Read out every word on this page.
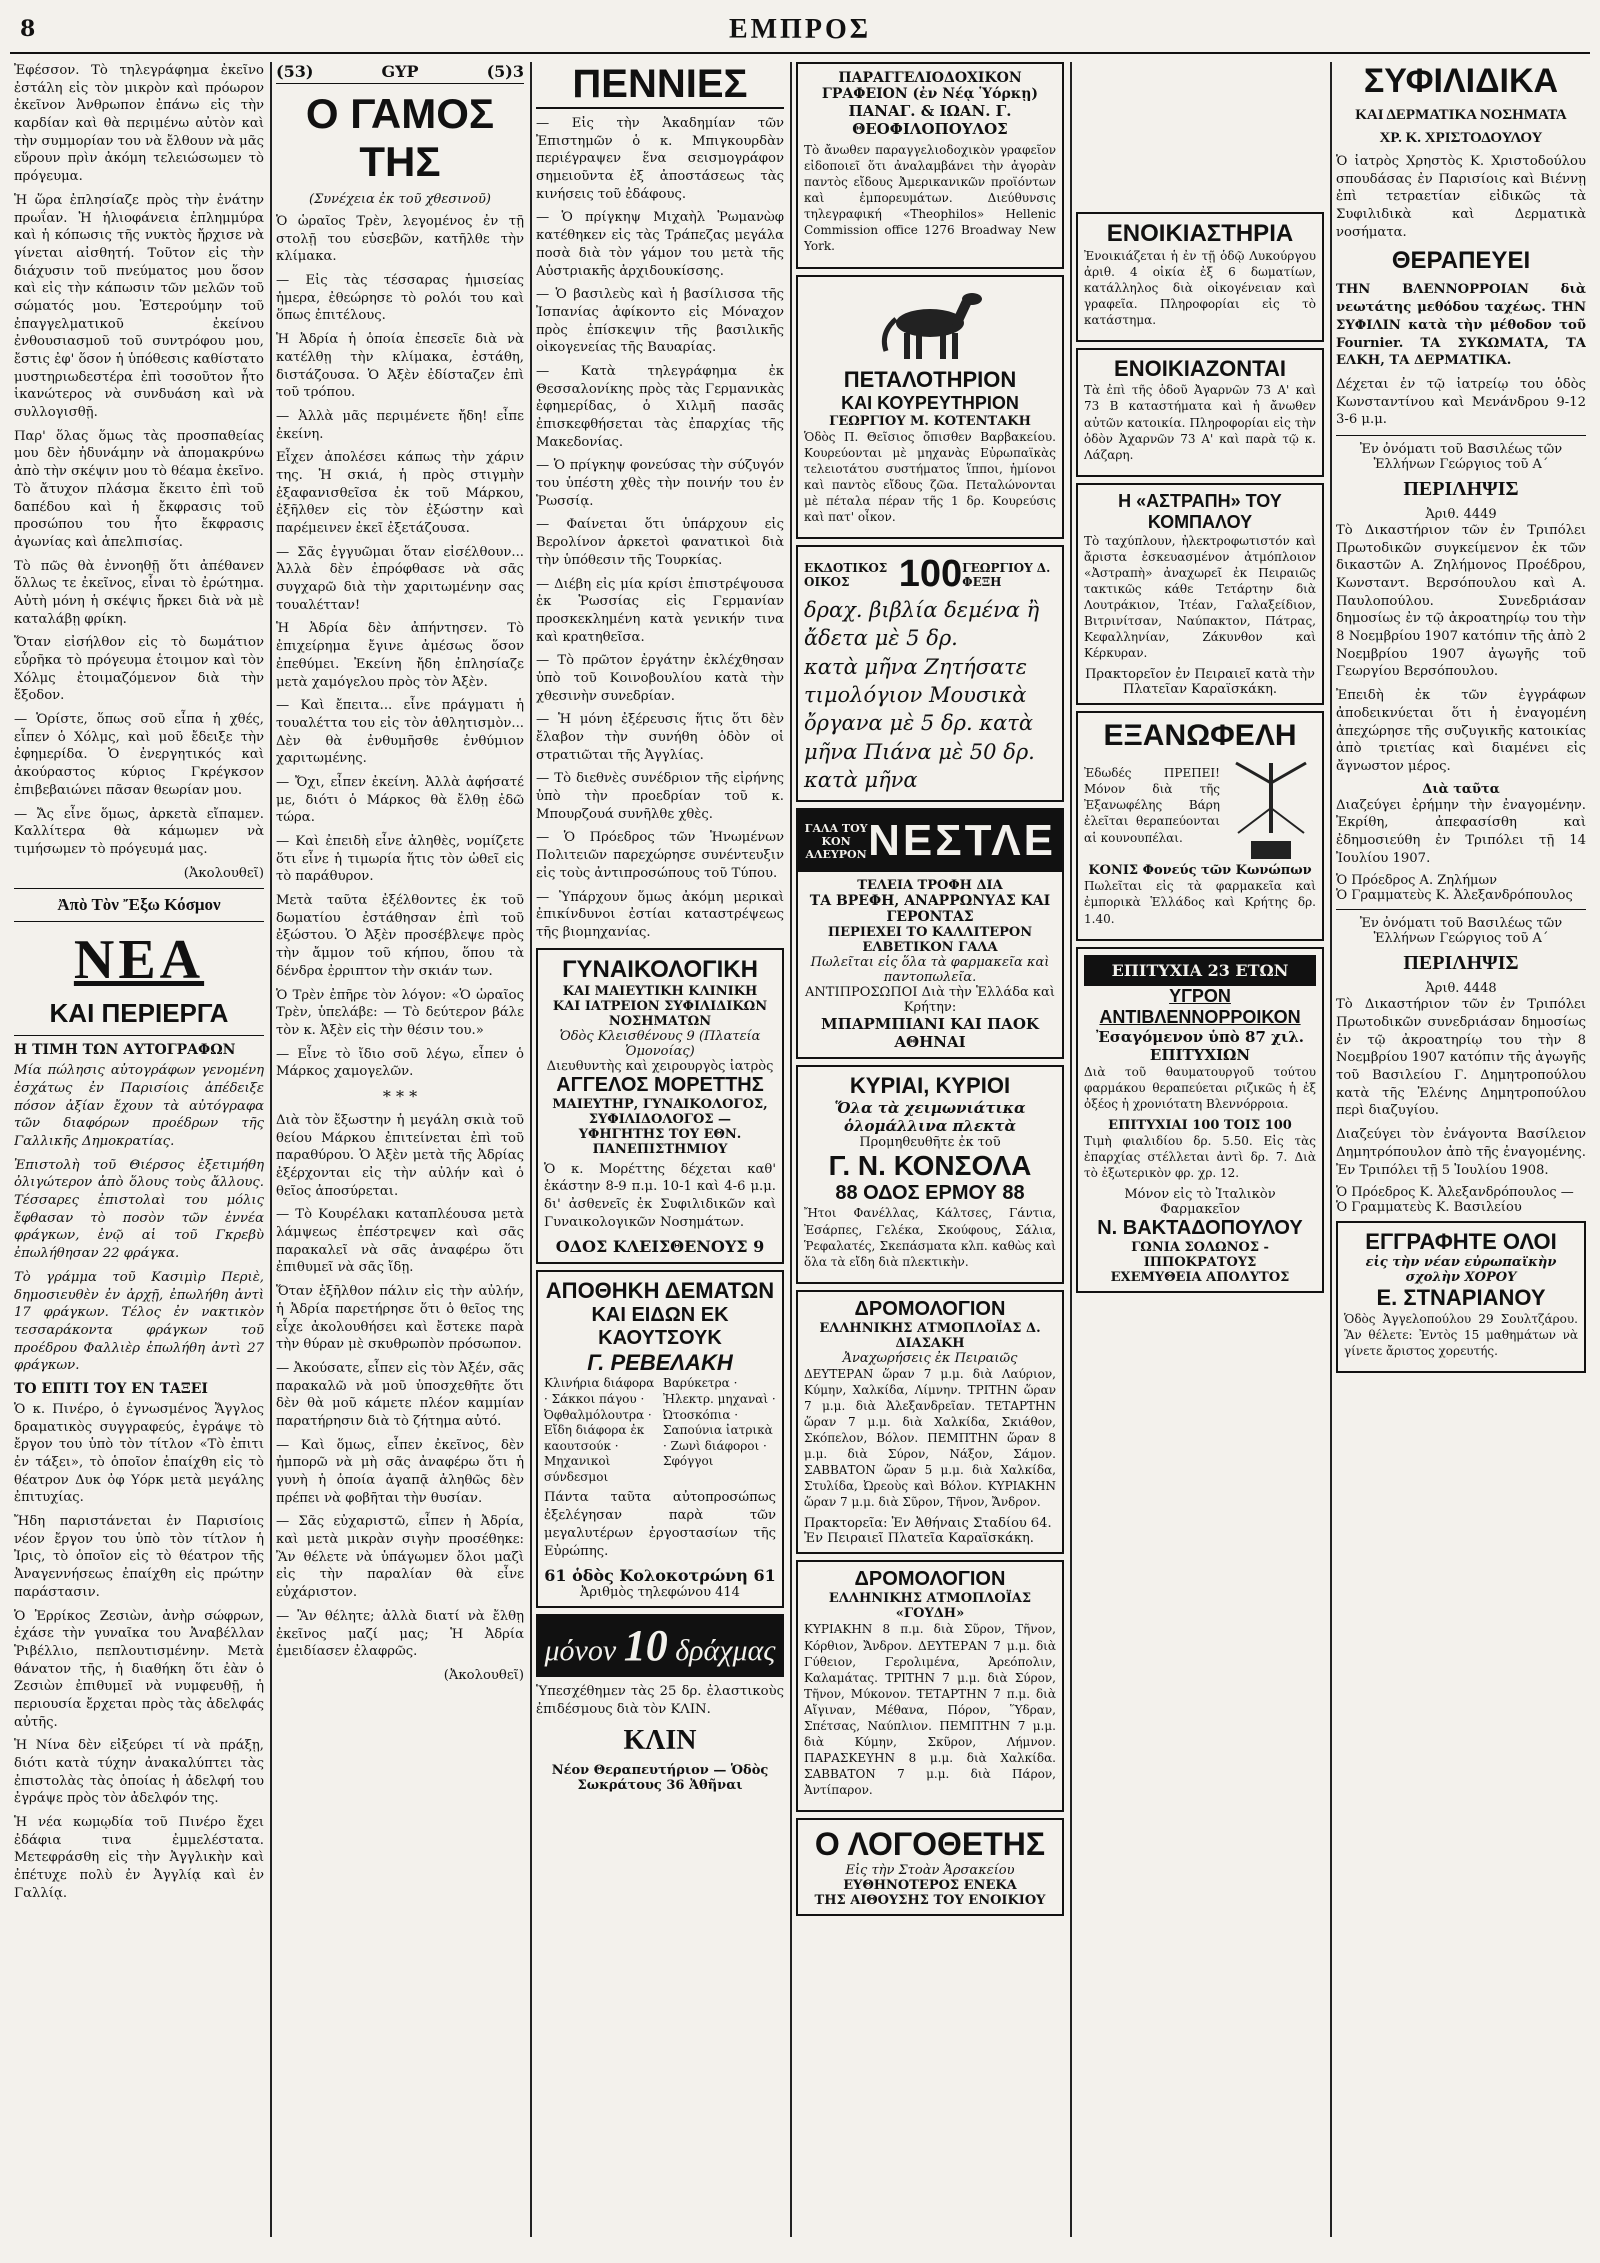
8	ΕΜΠΡΟΣ

Ἐφέσσον. Τὸ τηλεγράφημα ἐκεῖνο ἐστάλη εἰς τὸν μικρὸν καὶ πρόωρον ἐκεῖνον Ἀνθρωπον ἐπάνω εἰς τὴν καρδίαν καὶ θὰ περιμένω αὐτὸν καὶ τὴν συμμορίαν του νὰ ἔλθουν νὰ μᾶς εὕρουν πρὶν ἀκόμη τελειώσωμεν τὸ πρόγευμα.

Ἡ ὥρα ἐπλησίαζε πρὸς τὴν ἐνάτην πρωΐαν. Ἡ ἡλιοφάνεια ἐπλημμύρα καὶ ἡ κόπωσις τῆς νυκτὸς ἤρχισε νὰ γίνεται αἰσθητή. Τοῦτον εἰς τὴν διάχυσιν τοῦ πνεύματος μου ὅσον καὶ εἰς τὴν κάπωσιν τῶν μελῶν τοῦ σώματός μου. Ἐστερούμην τοῦ ἐπαγγελματικοῦ ἐκείνου ἐνθουσιασμοῦ τοῦ συντρόφου μου, ἔστις ἐφ' ὅσον ἡ ὑπόθεσις καθίστατο μυστηριωδεστέρα ἐπὶ τοσοῦτον ἦτο ἱκανώτερος νὰ συνδυάση καὶ νὰ συλλογισθῇ.

Παρ' ὅλας ὅμως τὰς προσπαθείας μου δὲν ἠδυνάμην νὰ ἀπομακρύνω ἀπὸ τὴν σκέψιν μου τὸ θέαμα ἐκεῖνο. Τὸ ἄτυχον πλάσμα ἔκειτο ἐπὶ τοῦ δαπέδου καὶ ἡ ἔκφρασις τοῦ προσώπου του ἦτο ἔκφρασις ἀγωνίας καὶ ἀπελπισίας.

Τὸ πῶς θὰ ἐννοηθῇ ὅτι ἀπέθανεν ὅλλως τε ἐκεῖνος, εἶναι τὸ ἐρώτημα. Αὐτὴ μόνη ἡ σκέψις ἤρκει διὰ νὰ μὲ καταλάβῃ φρίκη.

Ὅταν εἰσήλθον εἰς τὸ δωμάτιον εὗρῆκα τὸ πρόγευμα ἑτοιμον καὶ τὸν Χόλμς ἐτοιμαζόμενον διὰ τὴν ἔξοδον.

— Ὁρίστε, ὅπως σοῦ εἶπα ἡ χθές, εἶπεν ὁ Χόλμς, καὶ μοῦ ἔδειξε τὴν ἐφημερίδα. Ὁ ἐνεργητικός καὶ ἀκούραστος κύριος Γκρέγκσον ἐπιβεβαιώνει πᾶσαν θεωρίαν μου.

— Ἄς εἶνε ὅμως, ἀρκετὰ εἴπαμεν. Καλλίτερα θὰ κάμωμεν νὰ τιμήσωμεν τὸ πρόγευμά μας.

(Ἀκολουθεῖ)

Ἀπὸ Τὸν Ἔξω Κόσμον
ΝΕΑ
ΚΑΙ ΠΕΡΙΕΡΓΑ
Η ΤΙΜΗ ΤΩΝ ΑΥΤΟΓΡΑΦΩΝ

Μία πώλησις αὐτογράφων γενομένη ἐσχάτως ἐν Παρισίοις ἀπέδειξε πόσον ἀξίαν ἔχουν τὰ αὐτόγραφα τῶν διαφόρων προέδρων τῆς Γαλλικῆς Δημοκρατίας.

Ἐπιστολὴ τοῦ Θιέρσος ἐξετιμήθη ὀλιγώτερον ἀπὸ ὅλους τοὺς ἄλλους. Τέσσαρες ἐπιστολαὶ του μόλις ἔφθασαν τὸ ποσὸν τῶν ἐννέα φράγκων, ἐνῷ αἱ τοῦ Γκρεβὺ ἐπωλήθησαν 22 φράγκα.

Τὸ γράμμα τοῦ Κασιμὶρ Περιὲ, δημοσιευθὲν ἐν ἀρχῇ, ἐπωλήθη ἀντὶ 17 φράγκων. Τέλος ἐν νακτικὸν τεσσαράκοντα φράγκων τοῦ προέδρου Φαλλιὲρ ἐπωλήθη ἀντὶ 27 φράγκων.

ΤΟ ΕΠΙΤΙ ΤΟΥ ΕΝ ΤΑΞΕΙ

Ὁ κ. Πινέρο, ὁ ἐγνωσμένος Ἄγγλος δραματικὸς συγγραφεύς, ἐγράψε τὸ ἔργον του ὑπὸ τὸν τίτλον «Τὸ ἐπιτι ἐν τάξει», τὸ ὁποῖον ἐπαίχθη εἰς τὸ θέατρον Δυκ ὀφ Υόρκ μετὰ μεγάλης ἐπιτυχίας.

Ἤδη παριστάνεται ἐν Παρισίοις νέον ἔργον του ὑπὸ τὸν τίτλον ἡ Ἰρις, τὸ ὁποῖον εἰς τὸ θέατρον τῆς Ἀναγεννήσεως ἐπαίχθη εἰς πρώτην παράστασιν.

Ὁ Ἐρρίκος Ζεσιὼν, ἀνὴρ σώφρων, ἐχάσε τὴν γυναῖκα του Ἀναβέλλαν Ῥιβέλλιο, πεπλουτισμένην. Μετὰ θάνατον τῆς, ἡ διαθήκη ὅτι ἐὰν ὁ Ζεσιὼν ἐπιθυμεῖ νὰ νυμφευθῇ, ἡ περιουσία ἔρχεται πρὸς τὰς ἀδελφάς αὐτῆς.

Ἡ Νίνα δὲν εἰξεύρει τί νὰ πράξῃ, διότι κατὰ τύχην ἀνακαλύπτει τὰς ἐπιστολὰς τὰς ὁποίας ἡ ἀδελφή του ἐγράψε πρὸς τὸν ἀδελφόν της.

Ἡ νέα κωμῳδία τοῦ Πινέρο ἔχει ἐδάφια τινα ἐμμελέστατα. Μετεφράσθη εἰς τὴν Ἀγγλικὴν καὶ ἐπέτυχε πολὺ ἐν Ἀγγλίᾳ καὶ ἐν Γαλλίᾳ.

(53)	GYP	(5)3
Ο ΓΑΜΟΣ ΤΗΣ
(Συνέχεια ἐκ τοῦ χθεσινοῦ)

Ὁ ὡραῖος Τρὲν, λεγομένος ἐν τῇ στολῇ του εὐσεβῶν, κατῆλθε τὴν κλίμακα.

— Εἰς τὰς τέσσαρας ἡμισείας ἡμερα, ἐθεώρησε τὸ ρολόι του καὶ ὅπως ἐπιτέλους.

Ἡ Ἀδρία ἡ ὁποία ἐπεσεῖε διὰ νὰ κατέλθῃ τὴν κλίμακα, ἐστάθη, διστάζουσα. Ὁ Ἀξὲν ἐδίσταζεν ἐπὶ τοῦ τρόπου.

— Ἀλλὰ μᾶς περιμένετε ἤδη! εἶπε ἐκείνη.

Εἶχεν ἀπολέσει κάπως τὴν χάριν της. Ἡ σκιά, ἡ πρὸς στιγμὴν ἐξαφανισθεῖσα ἐκ τοῦ Μάρκου, ἐξῆλθεν εἰς τὸν ἐξώστην καὶ παρέμεινεν ἐκεῖ ἐξετάζουσα.

— Σᾶς ἐγγυῶμαι ὅταν εἰσέλθουν... Ἀλλὰ δὲν ἐπρόφθασε νὰ σᾶς συγχαρῶ διὰ τὴν χαριτωμένην σας τουαλέτταν!

Ἡ Ἀδρία δὲν ἀπήντησεν. Τὸ ἐπιχείρημα ἔγινε ἀμέσως ὅσον ἐπεθύμει. Ἐκείνη ἤδη ἐπλησίαζε μετὰ χαμόγελου πρὸς τὸν Ἀξὲν.

— Καὶ ἔπειτα... εἶνε πράγματι ἡ τουαλέττα του εἰς τὸν ἀθλητισμὸν... Δὲν θὰ ἐνθυμῆσθε ἐνθύμιον χαριτωμένης.

— Ὄχι, εἶπεν ἐκείνη. Ἀλλὰ ἀφήσατέ με, διότι ὁ Μάρκος θὰ ἔλθῃ ἐδῶ τώρα.

— Καὶ ἐπειδὴ εἶνε ἀληθὲς, νομίζετε ὅτι εἶνε ἡ τιμωρία ἥτις τὸν ὠθεῖ εἰς τὸ παράθυρον.

Μετὰ ταῦτα ἐξέλθοντες ἐκ τοῦ δωματίου ἐστάθησαν ἐπὶ τοῦ ἐξώστου. Ὁ Ἀξὲν προσέβλεψε πρὸς τὴν ἄμμον τοῦ κήπου, ὅπου τὰ δένδρα ἐρριπτον τὴν σκιάν των.

Ὁ Τρὲν ἐπῆρε τὸν λόγον: «Ὁ ὡραῖος Τρὲν, ὑπελάβε: — Τὸ δεύτερον βάλε τὸν κ. Ἀξὲν εἰς τὴν θέσιν του.»

— Εἶνε τὸ ἴδιο σοῦ λέγω, εἶπεν ὁ Μάρκος χαμογελῶν.

* * *

Διὰ τὸν ἔξωστην ἡ μεγάλη σκιὰ τοῦ θείου Μάρκου ἐπιτείνεται ἐπὶ τοῦ παραθύρου. Ὁ Ἀξὲν μετὰ τῆς Ἀδρίας ἐξέρχονται εἰς τὴν αὐλήν καὶ ὁ θεῖος ἀποσύρεται.

— Τὸ Κουρέλακι καταπλέουσα μετὰ λάμψεως ἐπέστρεψεν καὶ σᾶς παρακαλεῖ νὰ σᾶς ἀναφέρω ὅτι ἐπιθυμεῖ νὰ σᾶς ἴδῃ.

Ὅταν ἐξῆλθον πάλιν εἰς τὴν αὐλήν, ἡ Ἀδρία παρετήρησε ὅτι ὁ θεῖος της εἶχε ἀκολουθήσει καὶ ἔστεκε παρὰ τὴν θύραν μὲ σκυθρωπὸν πρόσωπον.

— Ἀκούσατε, εἶπεν εἰς τὸν Ἀξέν, σᾶς παρακαλῶ νὰ μοῦ ὑποσχεθῆτε ὅτι δὲν θὰ μοῦ κάμετε πλέον καμμίαν παρατήρησιν διὰ τὸ ζήτημα αὐτό.

— Καὶ ὅμως, εἶπεν ἐκεῖνος, δὲν ἠμπορῶ νὰ μὴ σᾶς ἀναφέρω ὅτι ἡ γυνὴ ἡ ὁποία ἀγαπᾷ ἀληθῶς δὲν πρέπει νὰ φοβῆται τὴν θυσίαν.

— Σᾶς εὐχαριστῶ, εἶπεν ἡ Ἀδρία, καὶ μετὰ μικρὰν σιγὴν προσέθηκε: Ἂν θέλετε νὰ ὑπάγωμεν ὅλοι μαζὶ εἰς τὴν παραλίαν θὰ εἶνε εὐχάριστον.

— Ἂν θέλητε; ἀλλὰ διατί νὰ ἔλθῃ ἐκεῖνος μαζί μας; Ἡ Ἀδρία ἐμειδίασεν ἐλαφρῶς.

(Ἀκολουθεῖ)

ΠΕΝΝΙΕΣ

— Εἰς τὴν Ἀκαδημίαν τῶν Ἐπιστημῶν ὁ κ. Μπιγκουρδὰν περιέγραψεν ἕνα σεισμογράφον σημειοῦντα ἐξ ἀποστάσεως τὰς κινήσεις τοῦ ἐδάφους.

— Ὁ πρίγκηψ Μιχαὴλ Ῥωμανὼφ κατέθηκεν εἰς τὰς Τράπεζας μεγάλα ποσὰ διὰ τὸν γάμον του μετὰ τῆς Αὐστριακῆς ἀρχιδουκίσσης.

— Ὁ βασιλεὺς καὶ ἡ βασίλισσα τῆς Ἰσπανίας ἀφίκοντο εἰς Μόναχον πρὸς ἐπίσκεψιν τῆς βασιλικῆς οἰκογενείας τῆς Βαυαρίας.

— Κατὰ τηλεγράφημα ἐκ Θεσσαλονίκης πρὸς τὰς Γερμανικὰς ἐφημερίδας, ὁ Χιλμῆ πασᾶς ἐπισκεφθήσεται τὰς ἐπαρχίας τῆς Μακεδονίας.

— Ὁ πρίγκηψ φονεύσας τὴν σύζυγόν του ὑπέστη χθὲς τὴν ποινήν του ἐν Ῥωσσίᾳ.

— Φαίνεται ὅτι ὑπάρχουν εἰς Βερολίνον ἀρκετοὶ φανατικοὶ διὰ τὴν ὑπόθεσιν τῆς Τουρκίας.

— Διέβη εἰς μία κρίσι ἐπιστρέψουσα ἐκ Ῥωσσίας εἰς Γερμανίαν προσκεκλημένη κατὰ γενικήν τινα καὶ κρατηθεῖσα.

— Τὸ πρῶτον ἐργάτην ἐκλέχθησαν ὑπὸ τοῦ Κοινοβουλίου κατὰ τὴν χθεσινὴν συνεδρίαν.

— Ἡ μόνη ἐξέρευσις ἥτις ὅτι δὲν ἔλαβον τὴν συνήθη ὁδὸν οἱ στρατιῶται τῆς Ἀγγλίας.

— Τὸ διεθνὲς συνέδριον τῆς εἰρήνης ὑπὸ τὴν προεδρίαν τοῦ κ. Μπουρζουά συνῆλθε χθὲς.

— Ὁ Πρόεδρος τῶν Ἡνωμένων Πολιτειῶν παρεχώρησε συνέντευξιν εἰς τοὺς ἀντιπροσώπους τοῦ Τύπου.

— Ὑπάρχουν ὅμως ἀκόμη μερικαὶ ἐπικίνδυνοι ἐστίαι καταστρέψεως τῆς βιομηχανίας.

ΓΥΝΑΙΚΟΛΟΓΙΚΗ
ΚΑΙ ΜΑΙΕΥΤΙΚΗ ΚΛΙΝΙΚΗ
ΚΑΙ ΙΑΤΡΕΙΟΝ ΣΥΦΙΛΙΔΙΚΩΝ ΝΟΣΗΜΑΤΩΝ
Ὁδὸς Κλεισθένους 9 (Πλατεία Ὁμονοίας)
Διευθυντὴς καὶ χειρουργὸς ἰατρὸς
ΑΓΓΕΛΟΣ ΜΟΡΕΤΤΗΣ
ΜΑΙΕΥΤΗΡ, ΓΥΝΑΙΚΟΛΟΓΟΣ, ΣΥΦΙΛΙΔΟΛΟΓΟΣ — ΥΦΗΓΗΤΗΣ ΤΟΥ ΕΘΝ. ΠΑΝΕΠΙΣΤΗΜΙΟΥ

Ὁ κ. Μορέττης δέχεται καθ' ἑκάστην 8-9 π.μ. 10-1 καὶ 4-6 μ.μ. δι' ἀσθενεῖς ἐκ Συφιλιδικῶν καὶ Γυναικολογικῶν Νοσημάτων.

ΟΔΟΣ ΚΛΕΙΣΘΕΝΟΥΣ 9
ΑΠΟΘΗΚΗ ΔΕΜΑΤΩΝ
ΚΑΙ ΕΙΔΩΝ ΕΚ ΚΑΟΥΤΣΟΥΚ
Γ. ΡΕΒΕΛΑΚΗ
Κλινήρια διάφορα · Σάκκοι πάγου · Ὀφθαλμόλουτρα · Εἴδη διάφορα ἐκ καουτσούκ · Μηχανικοὶ σύνδεσμοι
Βαρύκετρα · Ἠλεκτρ. μηχαναὶ · Ὠτοσκόπια · Σαπούνια ἰατρικὰ · Ζωνὶ διάφοροι · Σφόγγοι

Πάντα ταῦτα αὐτοπροσώπως ἐξελέγησαν παρὰ τῶν μεγαλυτέρων ἐργοστασίων τῆς Εὐρώπης.

61 ὁδὸς Κολοκοτρώνη 61
Ἀριθμὸς τηλεφώνου 414
μόνον 10 δράχμας

Ὑπεσχέθημεν τὰς 25 δρ. ἐλαστικοὺς ἐπιδέσμους διὰ τὸν ΚΛΙΝ.

ΚΛΙΝ
Νέον Θεραπευτήριον — Ὁδὸς Σωκράτους 36 Ἀθῆναι
ΠΑΡΑΓΓΕΛΙΟΔΟΧΙΚΟΝ ΓΡΑΦΕΙΟΝ (ἐν Νέᾳ Ὑόρκῃ)
ΠΑΝΑΓ. & ΙΩΑΝ. Γ. ΘΕΟΦΙΛΟΠΟΥΛΟΣ

Τὸ ἄνωθεν παραγγελιοδοχικὸν γραφεῖον εἰδοποιεῖ ὅτι ἀναλαμβάνει τὴν ἀγορὰν παντὸς εἴδους Ἀμερικανικῶν προϊόντων καὶ ἐμπορευμάτων. Διεύθυνσις τηλεγραφική «Theophilos» Hellenic Commission office 1276 Broadway New York.

ΠΕΤΑΛΟΤΗΡΙΟΝ
ΚΑΙ ΚΟΥΡΕΥΤΗΡΙΟΝ
ΓΕΩΡΓΙΟΥ Μ. ΚΟΤΕΝΤΑΚΗ

Ὁδὸς Π. Θεῖσιος ὄπισθεν Βαρβακείου. Κουρεύονται μὲ μηχανὰς Εὐρωπαϊκὰς τελειοτάτου συστήματος ἵπποι, ἡμίονοι καὶ παντὸς εἴδους ζῶα. Πεταλώνονται μὲ πέταλα πέραν τῆς 1 δρ. Κουρεύσις καὶ πατ' οἶκον.

ΕΚΔΟΤΙΚΟΣ ΟΙΚΟΣ	100 ΓΕΩΡΓΙΟΥ Δ. ΦΕΞΗ
δραχ. βιβλία δεμένα ἢ ἄδετα μὲ 5 δρ.
κατὰ μῆνα Ζητήσατε τιμολόγιον Μουσικὰ
ὄργανα μὲ 5 δρ. κατὰ μῆνα Πιάνα μὲ 50 δρ. κατὰ μῆνα
ΓΑΛΑ ΤΟΥ ΚΟΝ ΑΛΕΥΡΟΝ ΝΕΣΤΛΕ
ΤΕΛΕΙΑ ΤΡΟΦΗ ΔΙΑ
ΤΑ ΒΡΕΦΗ, ΑΝΑΡΡΩΝΥΑΣ ΚΑΙ ΓΕΡΟΝΤΑΣ
ΠΕΡΙΕΧΕΙ ΤΟ ΚΑΛΛΙΤΕΡΟΝ ΕΛΒΕΤΙΚΟΝ ΓΑΛΑ
Πωλεῖται εἰς ὅλα τὰ φαρμακεῖα καὶ παντοπωλεῖα.
ΑΝΤΙΠΡΟΣΩΠΟΙ Διὰ τὴν Ἑλλάδα καὶ Κρήτην:
ΜΠΑΡΜΠΙΑΝΙ ΚΑΙ ΠΑΟΚ ΑΘΗΝΑΙ
ΚΥΡΙΑΙ, ΚΥΡΙΟΙ
Ὅλα τὰ χειμωνιάτικα ὁλομάλλινα πλεκτὰ
Προμηθευθῆτε ἐκ τοῦ
Γ. Ν. ΚΟΝΣΟΛΑ
88 ΟΔΟΣ ΕΡΜΟΥ 88

Ἤτοι Φανέλλας, Κάλτσες, Γάντια, Ἐσάρπες, Γελέκα, Σκούφους, Σάλια, Ῥεφαλατές, Σκεπάσματα κλπ. καθὼς καὶ ὅλα τὰ εἴδη διὰ πλεκτικὴν.

ΔΡΟΜΟΛΟΓΙΟΝ
ΕΛΛΗΝΙΚΗΣ ΑΤΜΟΠΛΟΪΑΣ Δ. ΔΙΑΣΑΚΗ
Ἀναχωρήσεις ἐκ Πειραιῶς

ΔΕΥΤΕΡΑΝ ὥραν 7 μ.μ. διὰ Λαύριον, Κύμην, Χαλκίδα, Λίμνην. ΤΡΙΤΗΝ ὥραν 7 μ.μ. διὰ Ἀλεξανδρεῖαν. ΤΕΤΑΡΤΗΝ ὥραν 7 μ.μ. διὰ Χαλκίδα, Σκιάθον, Σκόπελον, Βόλον. ΠΕΜΠΤΗΝ ὥραν 8 μ.μ. διὰ Σύρον, Νάξον, Σάμον. ΣΑΒΒΑΤΟΝ ὥραν 5 μ.μ. διὰ Χαλκίδα, Στυλίδα, Ὠρεοὺς καὶ Βόλον. ΚΥΡΙΑΚΗΝ ὥραν 7 μ.μ. διὰ Σῦρον, Τῆνον, Ἄνδρον.

Πρακτορεῖα: Ἐν Ἀθήναις Σταδίου 64. Ἐν Πειραιεῖ Πλατεῖα Καραϊσκάκη.
ΔΡΟΜΟΛΟΓΙΟΝ
ΕΛΛΗΝΙΚΗΣ ΑΤΜΟΠΛΟΪΑΣ «ΓΟΥΔΗ»

ΚΥΡΙΑΚΗΝ 8 π.μ. διὰ Σῦρον, Τῆνον, Κόρθιον, Ἄνδρον. ΔΕΥΤΕΡΑΝ 7 μ.μ. διὰ Γύθειον, Γερολιμένα, Ἀρεόπολιν, Καλαμάτας. ΤΡΙΤΗΝ 7 μ.μ. διὰ Σύρον, Τῆνον, Μύκονον. ΤΕΤΑΡΤΗΝ 7 π.μ. διὰ Αἴγιναν, Μέθανα, Πόρον, Ὕδραν, Σπέτσας, Ναύπλιον. ΠΕΜΠΤΗΝ 7 μ.μ. διὰ Κύμην, Σκῦρον, Λήμνον. ΠΑΡΑΣΚΕΥΗΝ 8 μ.μ. διὰ Χαλκίδα. ΣΑΒΒΑΤΟΝ 7 μ.μ. διὰ Πάρον, Ἀντίπαρον.

Ο ΛΟΓΟΘΕΤΗΣ
Εἰς τὴν Στοὰν Ἀρσακείου
ΕΥΘΗΝΟΤΕΡΟΣ ΕΝΕΚΑ
ΤΗΣ ΑΙΘΟΥΣΗΣ ΤΟΥ ΕΝΟΙΚΙΟΥ
ΕΝΟΙΚΙΑΣΤΗΡΙΑ

Ἐνοικιάζεται ἡ ἐν τῇ ὁδῷ Λυκούργου ἀριθ. 4 οἰκία ἐξ 6 δωματίων, κατάλληλος διὰ οἰκογένειαν καὶ γραφεῖα. Πληροφορίαι εἰς τὸ κατάστημα.

ΕΝΟΙΚΙΑΖΟΝΤΑΙ

Τὰ ἐπὶ τῆς ὁδοῦ Ἀγαρνῶν 73 Α' καὶ 73 Β καταστήματα καὶ ἡ ἄνωθεν αὐτῶν κατοικία. Πληροφορίαι εἰς τὴν ὁδὸν Ἀχαρνῶν 73 Α' καὶ παρὰ τῷ κ. Λάζαρη.

Η «ΑΣΤΡΑΠΗ» ΤΟΥ ΚΟΜΠΑΛΟΥ

Τὸ ταχύπλουν, ἠλεκτροφωτιστόν καὶ ἄριστα ἐσκευασμένον ἀτμόπλοιον «Ἀστραπὴ» ἀναχωρεῖ ἐκ Πειραιῶς τακτικῶς κάθε Τετάρτην διὰ Λουτράκιον, Ἰτέαν, Γαλαξείδιον, Βιτρινίτσαν, Ναύπακτον, Πάτρας, Κεφαλληνίαν, Ζάκυνθον καὶ Κέρκυραν.

Πρακτορεῖον ἐν Πειραιεῖ κατὰ τὴν Πλατεῖαν Καραϊσκάκη.
ΕΞΑΝΩΦΕΛΗ

Ἐδωδές ΠΡΕΠΕΙ! Μόνον διὰ τῆς Ἐξανωφέλης Βάρη ἐλεῖται θεραπεύονται αἱ κουνουπέλαι.

ΚΟΝΙΣ Φονεύς τῶν Κωνώπων

Πωλεῖται εἰς τὰ φαρμακεῖα καὶ ἐμπορικὰ Ἑλλάδος καὶ Κρήτης δρ. 1.40.

ΕΠΙΤΥΧΙΑ 23 ΕΤΩΝ
ΥΓΡΟΝ ΑΝΤΙΒΛΕΝΝΟΡΡΟΙΚΟΝ
Ἐσαγόμενον ὑπὸ 87 χιλ. ΕΠΙΤΥΧΙΩΝ

Διὰ τοῦ θαυματουργοῦ τούτου φαρμάκου θεραπεύεται ριζικῶς ἡ ἐξ ὀξέος ἡ χρονιότατη Βλεννόρροια.

ΕΠΙΤΥΧΙΑΙ 100 ΤΟΙΣ 100

Τιμὴ φιαλιδίου δρ. 5.50. Εἰς τὰς ἐπαρχίας στέλλεται ἀντὶ δρ. 7. Διὰ τὸ ἐξωτερικὸν φρ. χρ. 12.

Μόνον εἰς τὸ Ἰταλικὸν Φαρμακεῖον
Ν. ΒΑΚΤΑΔΟΠΟΥΛΟΥ
ΓΩΝΙΑ ΣΟΛΩΝΟΣ - ΙΠΠΟΚΡΑΤΟΥΣ
ΕΧΕΜΥΘΕΙΑ ΑΠΟΛΥΤΟΣ
ΣΥΦΙΛΙΔΙΚΑ
ΚΑΙ ΔΕΡΜΑΤΙΚΑ ΝΟΣΗΜΑΤΑ
ΧΡ. Κ. ΧΡΙΣΤΟΔΟΥΛΟΥ

Ὁ ἰατρὸς Χρηστὸς Κ. Χριστοδούλου σπουδάσας ἐν Παρισίοις καὶ Βιέννῃ ἐπὶ τετραετίαν εἰδικῶς τὰ Συφιλιδικὰ καὶ Δερματικὰ νοσήματα.

ΘΕΡΑΠΕΥΕΙ

ΤΗΝ ΒΛΕΝΝΟΡΡΟΙΑΝ διὰ νεωτάτης μεθόδου ταχέως. ΤΗΝ ΣΥΦΙΛΙΝ κατὰ τὴν μέθοδον τοῦ Fournier. ΤΑ ΣΥΚΩΜΑΤΑ, ΤΑ ΕΛΚΗ, ΤΑ ΔΕΡΜΑΤΙΚΑ.

Δέχεται ἐν τῷ ἰατρείῳ του ὁδὸς Κωνσταντίνου καὶ Μενάνδρου 9-12 3-6 μ.μ.

Ἐν ὀνόματι τοῦ Βασιλέως τῶν Ἑλλήνων Γεώργιος τοῦ Α΄
ΠΕΡΙΛΗΨΙΣ
Ἀριθ. 4449

Τὸ Δικαστήριον τῶν ἐν Τριπόλει Πρωτοδικῶν συγκείμενον ἐκ τῶν δικαστῶν Α. Ζηλήμονος Προέδρου, Κωνσταντ. Βερσόπουλου καὶ Α. Παυλοπούλου. Συνεδριάσαν δημοσίως ἐν τῷ ἀκροατηρίῳ του τὴν 8 Νοεμβρίου 1907 κατόπιν τῆς ἀπὸ 2 Νοεμβρίου 1907 ἀγωγῆς τοῦ Γεωργίου Βερσόπουλου.

Ἐπειδὴ ἐκ τῶν ἐγγράφων ἀποδεικνύεται ὅτι ἡ ἐναγομένη ἀπεχώρησε τῆς συζυγικῆς κατοικίας ἀπὸ τριετίας καὶ διαμένει εἰς ἄγνωστον μέρος.

Διὰ ταῦτα

Διαζεύγει ἐρήμην τὴν ἐναγομένην. Ἐκρίθη, ἀπεφασίσθη καὶ ἐδημοσιεύθη ἐν Τριπόλει τῇ 14 Ἰουλίου 1907.

Ὁ Πρόεδρος Α. Ζηλήμων
Ὁ Γραμματεὺς Κ. Ἀλεξανδρόπουλος
Ἐν ὀνόματι τοῦ Βασιλέως τῶν Ἑλλήνων Γεώργιος τοῦ Α΄
ΠΕΡΙΛΗΨΙΣ
Ἀριθ. 4448

Τὸ Δικαστήριον τῶν ἐν Τριπόλει Πρωτοδικῶν συνεδριάσαν δημοσίως ἐν τῷ ἀκροατηρίῳ του τὴν 8 Νοεμβρίου 1907 κατόπιν τῆς ἀγωγῆς τοῦ Βασιλείου Γ. Δημητροπούλου κατὰ τῆς Ἐλένης Δημητροπούλου περὶ διαζυγίου.

Διαζεύγει τὸν ἐνάγοντα Βασίλειον Δημητρόπουλον ἀπὸ τῆς ἐναγομένης. Ἐν Τριπόλει τῇ 5 Ἰουλίου 1908.

Ὁ Πρόεδρος Κ. Ἀλεξανδρόπουλος — Ὁ Γραμματεὺς Κ. Βασιλείου
ΕΓΓΡΑΦΗΤΕ ΟΛΟΙ
εἰς τὴν νέαν εὐρωπαϊκὴν σχολὴν ΧΟΡΟΥ
Ε. ΣΤΝΑΡΙΑΝΟΥ

Ὁδὸς Ἀγγελοπούλου 29 Σουλτζάρου. Ἂν θέλετε: Ἐντὸς 15 μαθημάτων νὰ γίνετε ἄριστος χορευτής.
